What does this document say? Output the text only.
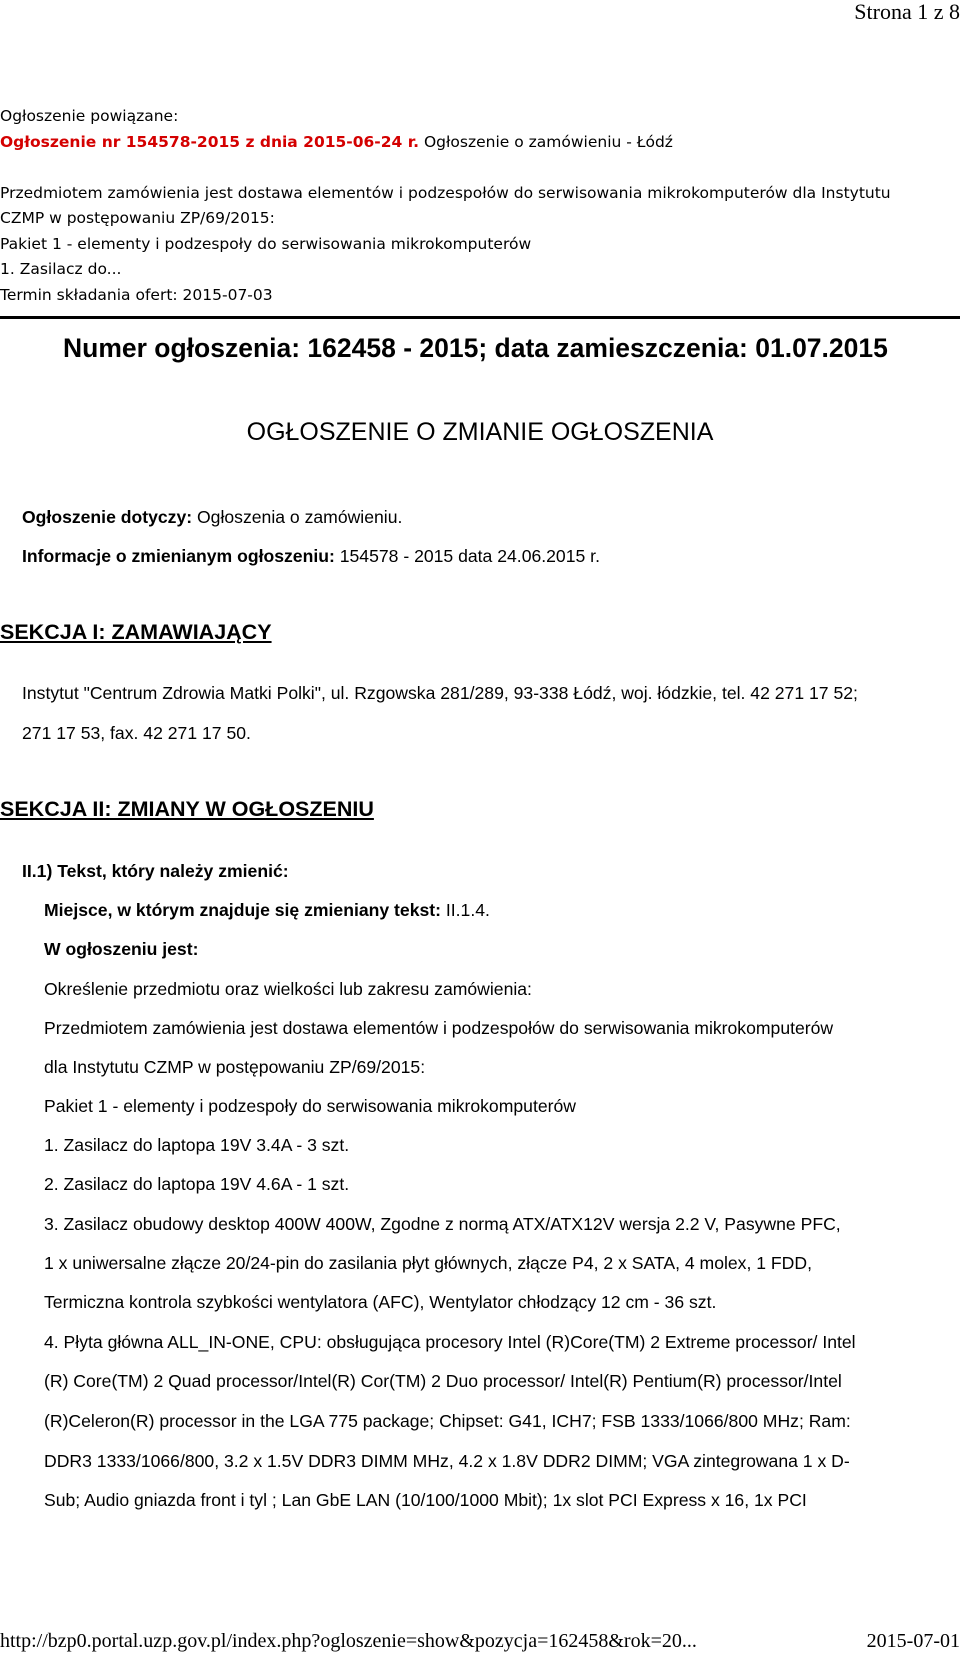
Strona 1 z 8

Ogłoszenie powiązane:

Ogłoszenie nr 154578-2015 z dnia 2015-06-24 r. Ogłoszenie o zamówieniu - Łódź

Przedmiotem zamówienia jest dostawa elementów i podzespołów do serwisowania mikrokomputerów dla Instytutu

CZMP w postępowaniu ZP/69/2015:

Pakiet 1 - elementy i podzespoły do serwisowania mikrokomputerów

1. Zasilacz do...

Termin składania ofert: 2015-07-03

Numer ogłoszenia: 162458 - 2015; data zamieszczenia: 01.07.2015
OGŁOSZENIE O ZMIANIE OGŁOSZENIA
Ogłoszenie dotyczy: Ogłoszenia o zamówieniu.
Informacje o zmienianym ogłoszeniu: 154578 - 2015 data 24.06.2015 r.
SEKCJA I: ZAMAWIAJĄCY
Instytut "Centrum Zdrowia Matki Polki", ul. Rzgowska 281/289, 93-338 Łódź, woj. łódzkie, tel. 42 271 17 52;
271 17 53, fax. 42 271 17 50.
SEKCJA II: ZMIANY W OGŁOSZENIU
II.1) Tekst, który należy zmienić:
Miejsce, w którym znajduje się zmieniany tekst: II.1.4.
W ogłoszeniu jest:
Określenie przedmiotu oraz wielkości lub zakresu zamówienia:
Przedmiotem zamówienia jest dostawa elementów i podzespołów do serwisowania mikrokomputerów
dla Instytutu CZMP w postępowaniu ZP/69/2015:
Pakiet 1 - elementy i podzespoły do serwisowania mikrokomputerów
1. Zasilacz do laptopa 19V 3.4A - 3 szt.
2. Zasilacz do laptopa 19V 4.6A - 1 szt.
3. Zasilacz obudowy desktop 400W 400W, Zgodne z normą ATX/ATX12V wersja 2.2 V, Pasywne PFC,
1 x uniwersalne złącze 20/24-pin do zasilania płyt głównych, złącze P4, 2 x SATA, 4 molex, 1 FDD,
Termiczna kontrola szybkości wentylatora (AFC), Wentylator chłodzący 12 cm - 36 szt.
4. Płyta główna ALL_IN-ONE, CPU: obsługująca procesory Intel (R)Core(TM) 2 Extreme processor/ Intel
(R) Core(TM) 2 Quad processor/Intel(R) Cor(TM) 2 Duo processor/ Intel(R) Pentium(R) processor/Intel
(R)Celeron(R) processor in the LGA 775 package; Chipset: G41, ICH7; FSB 1333/1066/800 MHz; Ram:
DDR3 1333/1066/800, 3.2 x 1.5V DDR3 DIMM MHz, 4.2 x 1.8V DDR2 DIMM; VGA zintegrowana 1 x D-
Sub; Audio gniazda front i tyl ; Lan GbE LAN (10/100/1000 Mbit); 1x slot PCI Express x 16, 1x PCI
http://bzp0.portal.uzp.gov.pl/index.php?ogloszenie=show&pozycja=162458&rok=20...	2015-07-01
